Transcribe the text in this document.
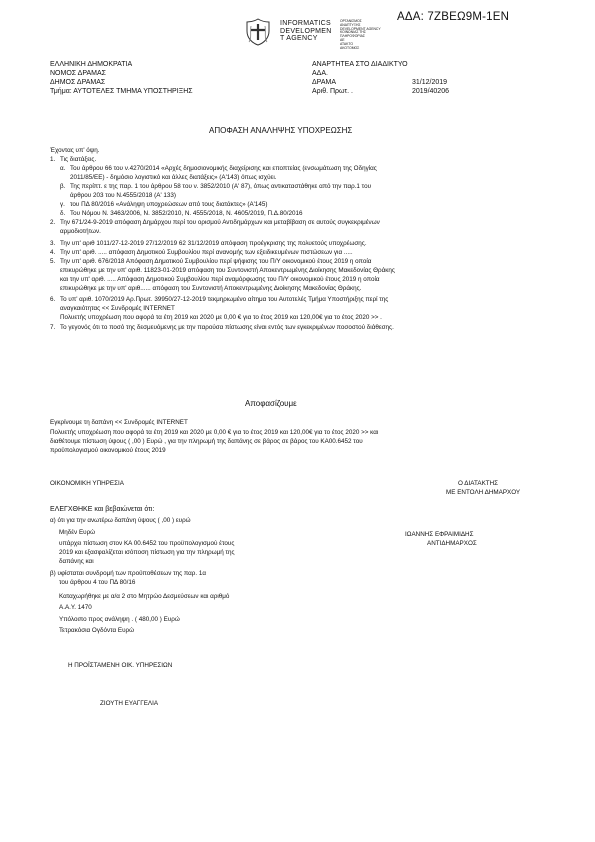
ΑΔΑ: 7ΖΒΕΩ9Μ-1ΕΝ
INFORMATICS
DEVELOPMEN
T AGENCY
ΟΡΓΑΝΙΣΜΟΣ
ΑΝΑΠΤΥΞΗΣ
DEVELOPMENT AGENCY
ΚΟΙΝΩΝΙΑΣ ΤΗΣ
ΠΛΗΡΟΦΟΡΙΑΣ
ΑΕ
ΑΤΑΚΤΟ
ΑΚΟΤΟΜΟΣ
ΕΛΛΗΝΙΚΗ ΔΗΜΟΚΡΑΤΙΑ
ΝΟΜΟΣ ΔΡΑΜΑΣ
ΔΗΜΟΣ ΔΡΑΜΑΣ
Τμήμα: ΑΥΤΟΤΕΛΕΣ ΤΜΗΜΑ ΥΠΟΣΤΗΡΙΞΗΣ
ΑΝΑΡΤΗΤΕΑ ΣΤΟ ΔΙΑΔΙΚΤΥΟ
ΑΔΑ.
ΔΡΑΜΑ	31/12/2019
Αριθ. Πρωτ. .	2019/40206
ΑΠΟΦΑΣΗ ΑΝΑΛΗΨΗΣ ΥΠΟΧΡΕΩΣΗΣ
Έχοντας υπ' όψη.
1. Τις διατάξεις.
α. Του άρθρου 66 του ν.4270/2014 «Αρχές δημοσιονομικής διαχείρισης και εποπτείας (ενσωμάτωση της Οδηγίας
2011/85/ΕΕ) - δημόσιο λογιστικό και άλλες διατάξεις» (Α'143) όπως ισχύει.
β. Της περίπτ. ε της παρ. 1 του άρθρου 58 του ν. 3852/2010 (Α' 87), όπως αντικαταστάθηκε από την παρ.1 του
άρθρου 203 του Ν.4555/2018 (Α' 133)
γ. του ΠΔ 80/2016 «Ανάληψη υποχρεώσεων από τους διατάκτες» (Α'145)
δ. Του Νόμου Ν. 3463/2006, Ν. 3852/2010, Ν. 4555/2018, Ν. 4605/2019, Π.Δ.80/2016
2. Την 671/24-9-2019 απόφαση Δημάρχου περί του ορισμού Αντιδημάρχων και μεταβίβαση σε αυτούς συγκεκριμένων
αρμοδιοτήτων.
3. Την υπ' αριθ 1011/27-12-2019 27/12/2019 62 31/12/2019 απόφαση προέγκρισης της πολυετούς υποχρέωσης.
4. Την υπ' αριθ. ..... απόφαση Δημοτικού Συμβουλίου περί ανανομής των εξειδικευμένων πιστώσεων για .....
5. Την υπ' αριθ. 676/2018 Απόφαση Δημοτικού Συμβουλίου περί ψήφισης του Π/Υ οικονομικού έτους 2019 η οποία
επικυρώθηκε με την υπ' αριθ. 11823-01-2019 απόφαση του Συντονιστή Αποκεντρωμένης Διοίκησης Μακεδονίας Θράκης
και την υπ' αριθ. ..... Απόφαση Δημοτικού Συμβουλίου περί αναμόρφωσης του Π/Υ οικονομικού έτους 2019 η οποία
επικυρώθηκε με την υπ' αριθ...... απόφαση του Συντονιστή Αποκεντρωμένης Διοίκησης Μακεδονίας Θράκης.
6. Το υπ' αριθ. 1070/2019 Αρ.Πρωτ. 39950/27-12-2019 τεκμηριωμένο αίτημα του Αυτοτελές Τμήμα Υποστήριξης περί της
αναγκαιότητας << Συνδρομές INTERNET
Πολυετής υποχρέωση που αφορά τα έτη 2019 και 2020 με 0,00 € για το έτος 2019 και 120,00€ για το έτος 2020 >> .
7. Το γεγονός ότι το ποσό της δεσμευόμενης με την παρούσα πίστωσης είναι εντός των εγκεκριμένων ποσοστού διάθεσης.
Αποφασίζουμε
Εγκρίνουμε τη δαπάνη << Συνδρομές INTERNET
Πολυετής υποχρέωση που αφορά τα έτη 2019 και 2020 με 0,00 € για το έτος 2019 και 120,00€ για το έτος 2020 >> και
διαθέτουμε πίστωση ύψους ( ,00 ) Ευρώ , για την πληρωμή της δαπάνης σε βάρος σε βάρος του ΚΑ00.6452 του
προϋπολογισμού οικονομικού έτους 2019
ΟΙΚΟΝΟΜΙΚΗ ΥΠΗΡΕΣΙΑ	Ο ΔΙΑΤΑΚΤΗΣ
ΜΕ ΕΝΤΟΛΗ ΔΗΜΑΡΧΟΥ
ΙΩΑΝΝΗΣ ΕΦΡΑΙΜΙΔΗΣ
ΑΝΤΙΔΗΜΑΡΧΟΣ
ΕΛΕΓΧΘΗΚΕ και βεβαιώνεται ότι:
α) ότι για την ανωτέρω δαπάνη ύψους ( ,00 ) ευρώ
Μηδέν Ευρώ
υπάρχει πίστωση στον ΚΑ 00.6452 του προϋπολογισμού έτους
2019 και εξασφαλίζεται ισόποση πίστωση για την πληρωμή της
δαπάνης και
β) υφίσταται συνδρομή των προϋποθέσεων της παρ. 1α
του άρθρου 4 του ΠΔ 80/16
Καταχωρήθηκε με α/α 2 στο Μητρώο Δεσμεύσεων και αριθμό
Α.Α.Υ. 1470
Υπόλοιπο προς ανάληψη . ( 480,00 ) Ευρώ
Τετρακόσια Ογδόντα Ευρώ
Η ΠΡΟΪΣΤΑΜΕΝΗ ΟΙΚ. ΥΠΗΡΕΣΙΩΝ
ΖΙΟΥΤΗ ΕΥΑΓΓΕΛΙΑ
